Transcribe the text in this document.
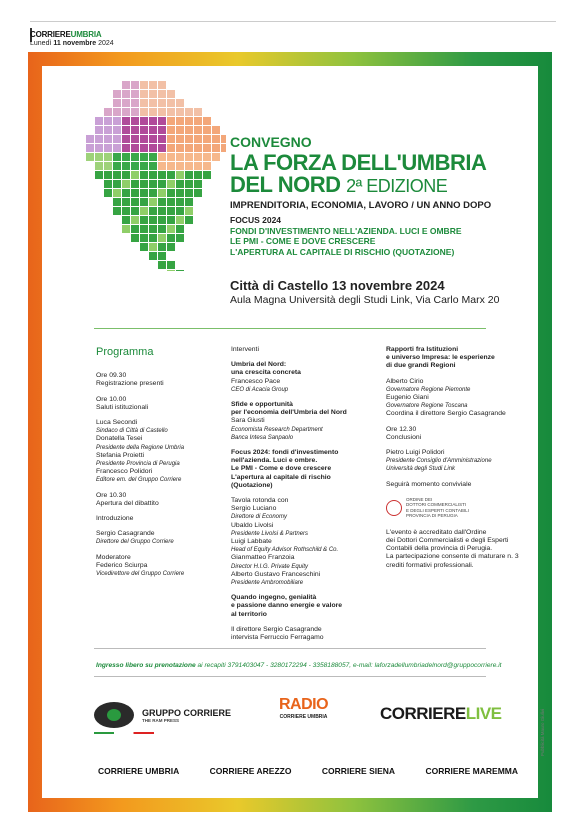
CORRIEREUMBRIA
Lunedì 11 novembre 2024
CONVEGNO
LA FORZA DELL'UMBRIA
DEL NORD 2ª EDIZIONE
IMPRENDITORIA, ECONOMIA, LAVORO / UN ANNO DOPO
FOCUS 2024
FONDI D'INVESTIMENTO NELL'AZIENDA. LUCI E OMBRE
LE PMI - COME E DOVE CRESCERE
L'APERTURA AL CAPITALE DI RISCHIO (QUOTAZIONE)
Città di Castello 13 novembre 2024
Aula Magna Università degli Studi Link, Via Carlo Marx 20
Programma
Ore 09.30
Registrazione presenti
Ore 10.00
Saluti istituzionali
Luca Secondi
Sindaco di Città di Castello
Donatella Tesei
Presidente della Regione Umbria
Stefania Proietti
Presidente Provincia di Perugia
Francesco Polidori
Editore em. del Gruppo Corriere
Ore 10.30
Apertura del dibattito
Introduzione
Sergio Casagrande
Direttore del Gruppo Corriere
Moderatore
Federico Sciurpa
Vicedirettore del Gruppo Corriere
Interventi
Umbria del Nord:
una crescita concreta
Francesco Pace
CEO di Acacia Group
Sfide e opportunità
per l'economia dell'Umbria del Nord
Sara Giusti
Economista Research Department
Banca Intesa Sanpaolo
Focus 2024: fondi d'investimento
nell'azienda. Luci e ombre.
Le PMI - Come e dove crescere
L'apertura al capitale di rischio
(Quotazione)
Tavola rotonda con
Sergio Luciano
Direttore di Economy
Ubaldo Livolsi
Presidente Livolsi & Partners
Luigi Labbate
Head of Equity Advisor Rothschild & Co.
Gianmatteo Franzoia
Director H.I.G. Private Equity
Alberto Gustavo Franceschini
Presidente Ambromobiliare
Quando ingegno, genialità
e passione danno energie e valore
al territorio
Il direttore Sergio Casagrande
intervista Ferruccio Ferragamo
Rapporti fra Istituzioni
e universo Impresa: le esperienze
di due grandi Regioni
Alberto Cirio
Governatore Regione Piemonte
Eugenio Giani
Governatore Regione Toscana
Coordina il direttore Sergio Casagrande
Ore 12.30
Conclusioni
Pietro Luigi Polidori
Presidente Consiglio d'Amministrazione
Università degli Studi Link
Seguirà momento conviviale
ORDINE DEI
DOTTORI COMMERCIALISTI
E DEGLI ESPERTI CONTABILI
PROVINCIA DI PERUGIA
L'evento è accreditato dall'Ordine
dei Dottori Commercialisti e degli Esperti
Contabili della provincia di Perugia.
La partecipazione consente di maturare n. 3
crediti formativi professionali.
Ingresso libero su prenotazione ai recapiti 3791403047 - 3280172294 - 3358188057, e-mail: laforzadellumbriadelnord@gruppocorriere.it
GRUPPO CORRIERE
THE RAM PRESS
RADIO
CORRIERE UMBRIA	CORRIERELIVE
CORRIERE UMBRIA	CORRIERE AREZZO	CORRIERE SIENA	CORRIERE MAREMMA
Pubblicità Mauro Giulivi
